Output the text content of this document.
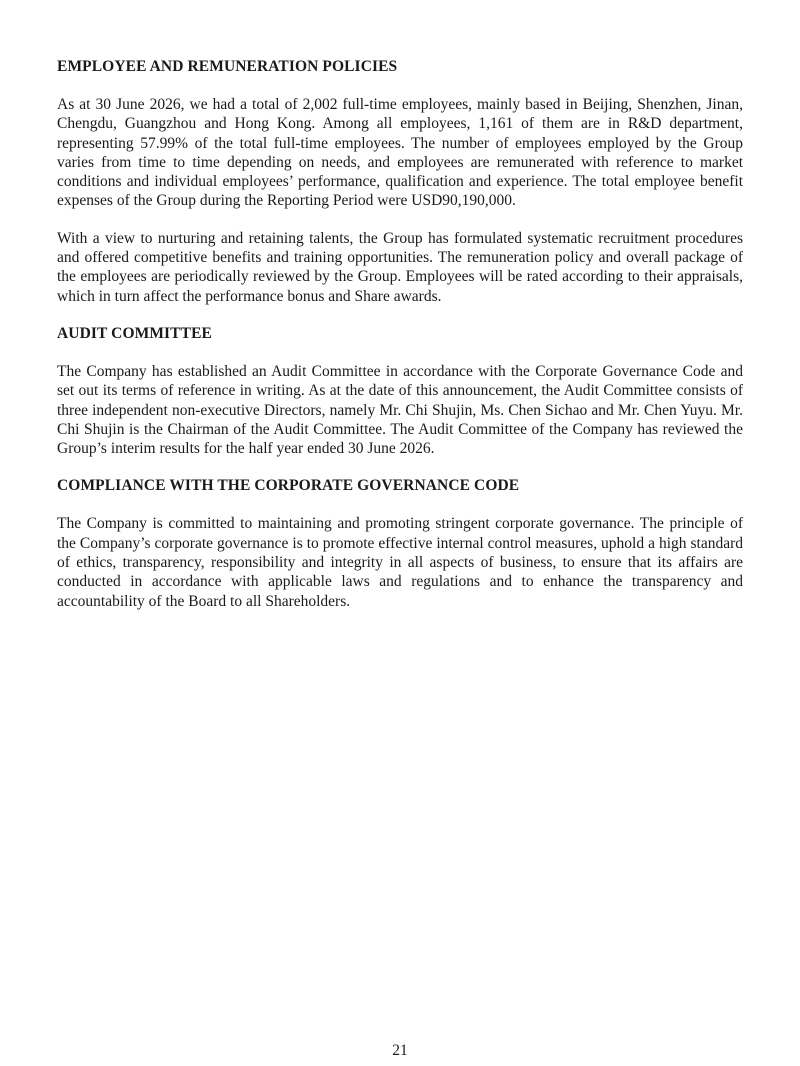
EMPLOYEE AND REMUNERATION POLICIES

As at 30 June 2026, we had a total of 2,002 full-time employees, mainly based in Beijing, Shenzhen, Jinan, Chengdu, Guangzhou and Hong Kong. Among all employees, 1,161 of them are in R&D department, representing 57.99% of the total full-time employees. The number of employees employed by the Group varies from time to time depending on needs, and employees are remunerated with reference to market conditions and individual employees’ performance, qualification and experience. The total employee benefit expenses of the Group during the Reporting Period were USD90,190,000.

With a view to nurturing and retaining talents, the Group has formulated systematic recruitment procedures and offered competitive benefits and training opportunities. The remuneration policy and overall package of the employees are periodically reviewed by the Group. Employees will be rated according to their appraisals, which in turn affect the performance bonus and Share awards.

AUDIT COMMITTEE

The Company has established an Audit Committee in accordance with the Corporate Governance Code and set out its terms of reference in writing. As at the date of this announcement, the Audit Committee consists of three independent non-executive Directors, namely Mr. Chi Shujin, Ms. Chen Sichao and Mr. Chen Yuyu. Mr. Chi Shujin is the Chairman of the Audit Committee. The Audit Committee of the Company has reviewed the Group’s interim results for the half year ended 30 June 2026.

COMPLIANCE WITH THE CORPORATE GOVERNANCE CODE

The Company is committed to maintaining and promoting stringent corporate governance. The principle of the Company’s corporate governance is to promote effective internal control measures, uphold a high standard of ethics, transparency, responsibility and integrity in all aspects of business, to ensure that its affairs are conducted in accordance with applicable laws and regulations and to enhance the transparency and accountability of the Board to all Shareholders.

21
